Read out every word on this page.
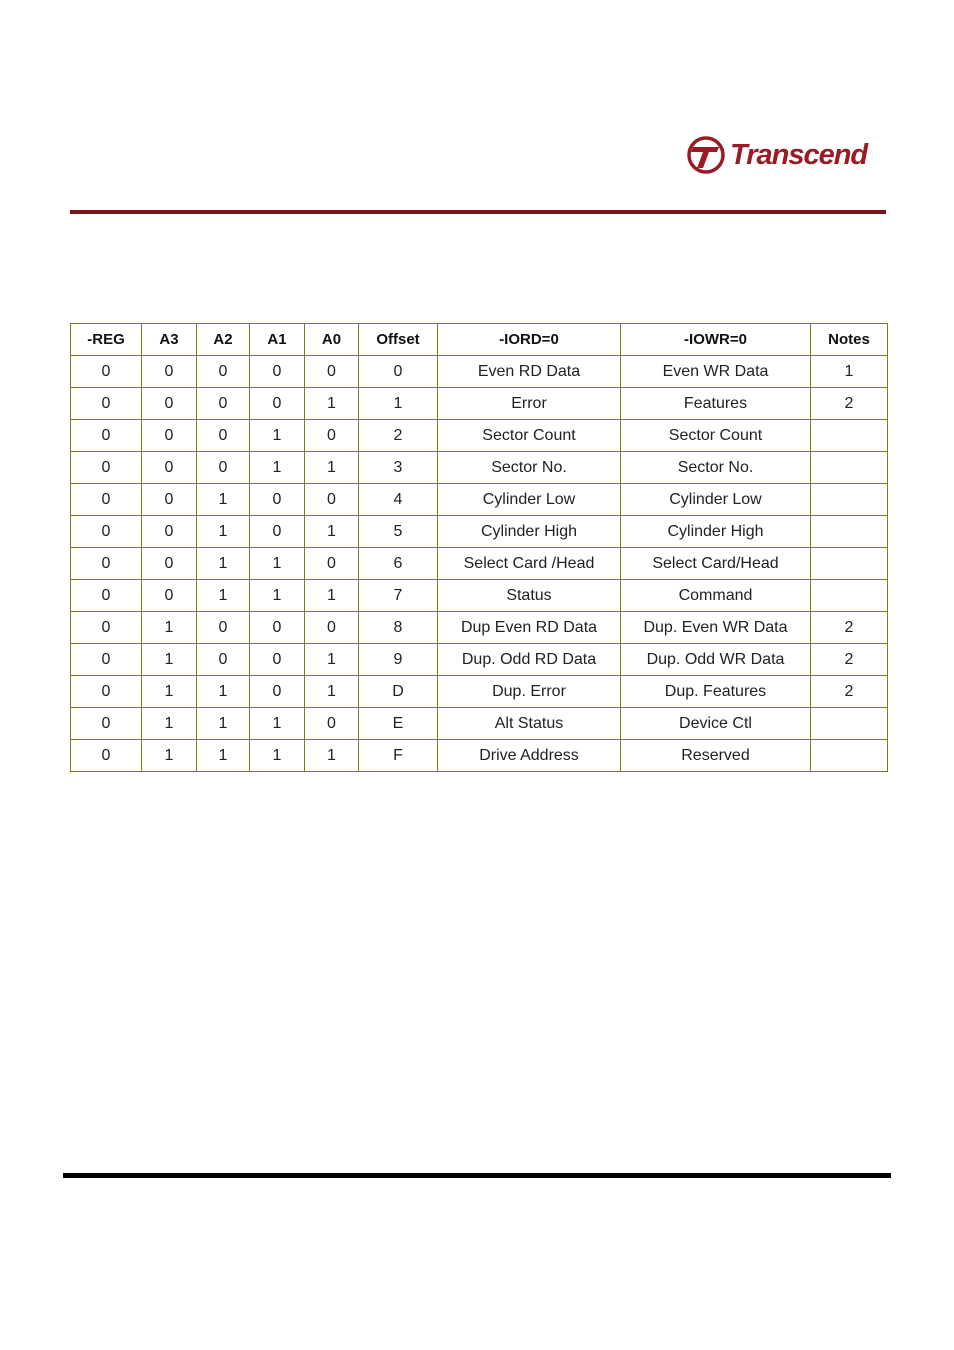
Transcend
-REG	A3	A2	A1	A0	Offset	-IORD=0	-IOWR=0	Notes
0	0	0	0	0	0	Even RD Data	Even WR Data	1
0	0	0	0	1	1	Error	Features	2
0	0	0	1	0	2	Sector Count	Sector Count	
0	0	0	1	1	3	Sector No.	Sector No.	
0	0	1	0	0	4	Cylinder Low	Cylinder Low	
0	0	1	0	1	5	Cylinder High	Cylinder High	
0	0	1	1	0	6	Select Card /Head	Select Card/Head	
0	0	1	1	1	7	Status	Command	
0	1	0	0	0	8	Dup Even RD Data	Dup. Even WR Data	2
0	1	0	0	1	9	Dup. Odd RD Data	Dup. Odd WR Data	2
0	1	1	0	1	D	Dup. Error	Dup. Features	2
0	1	1	1	0	E	Alt Status	Device Ctl	
0	1	1	1	1	F	Drive Address	Reserved	
